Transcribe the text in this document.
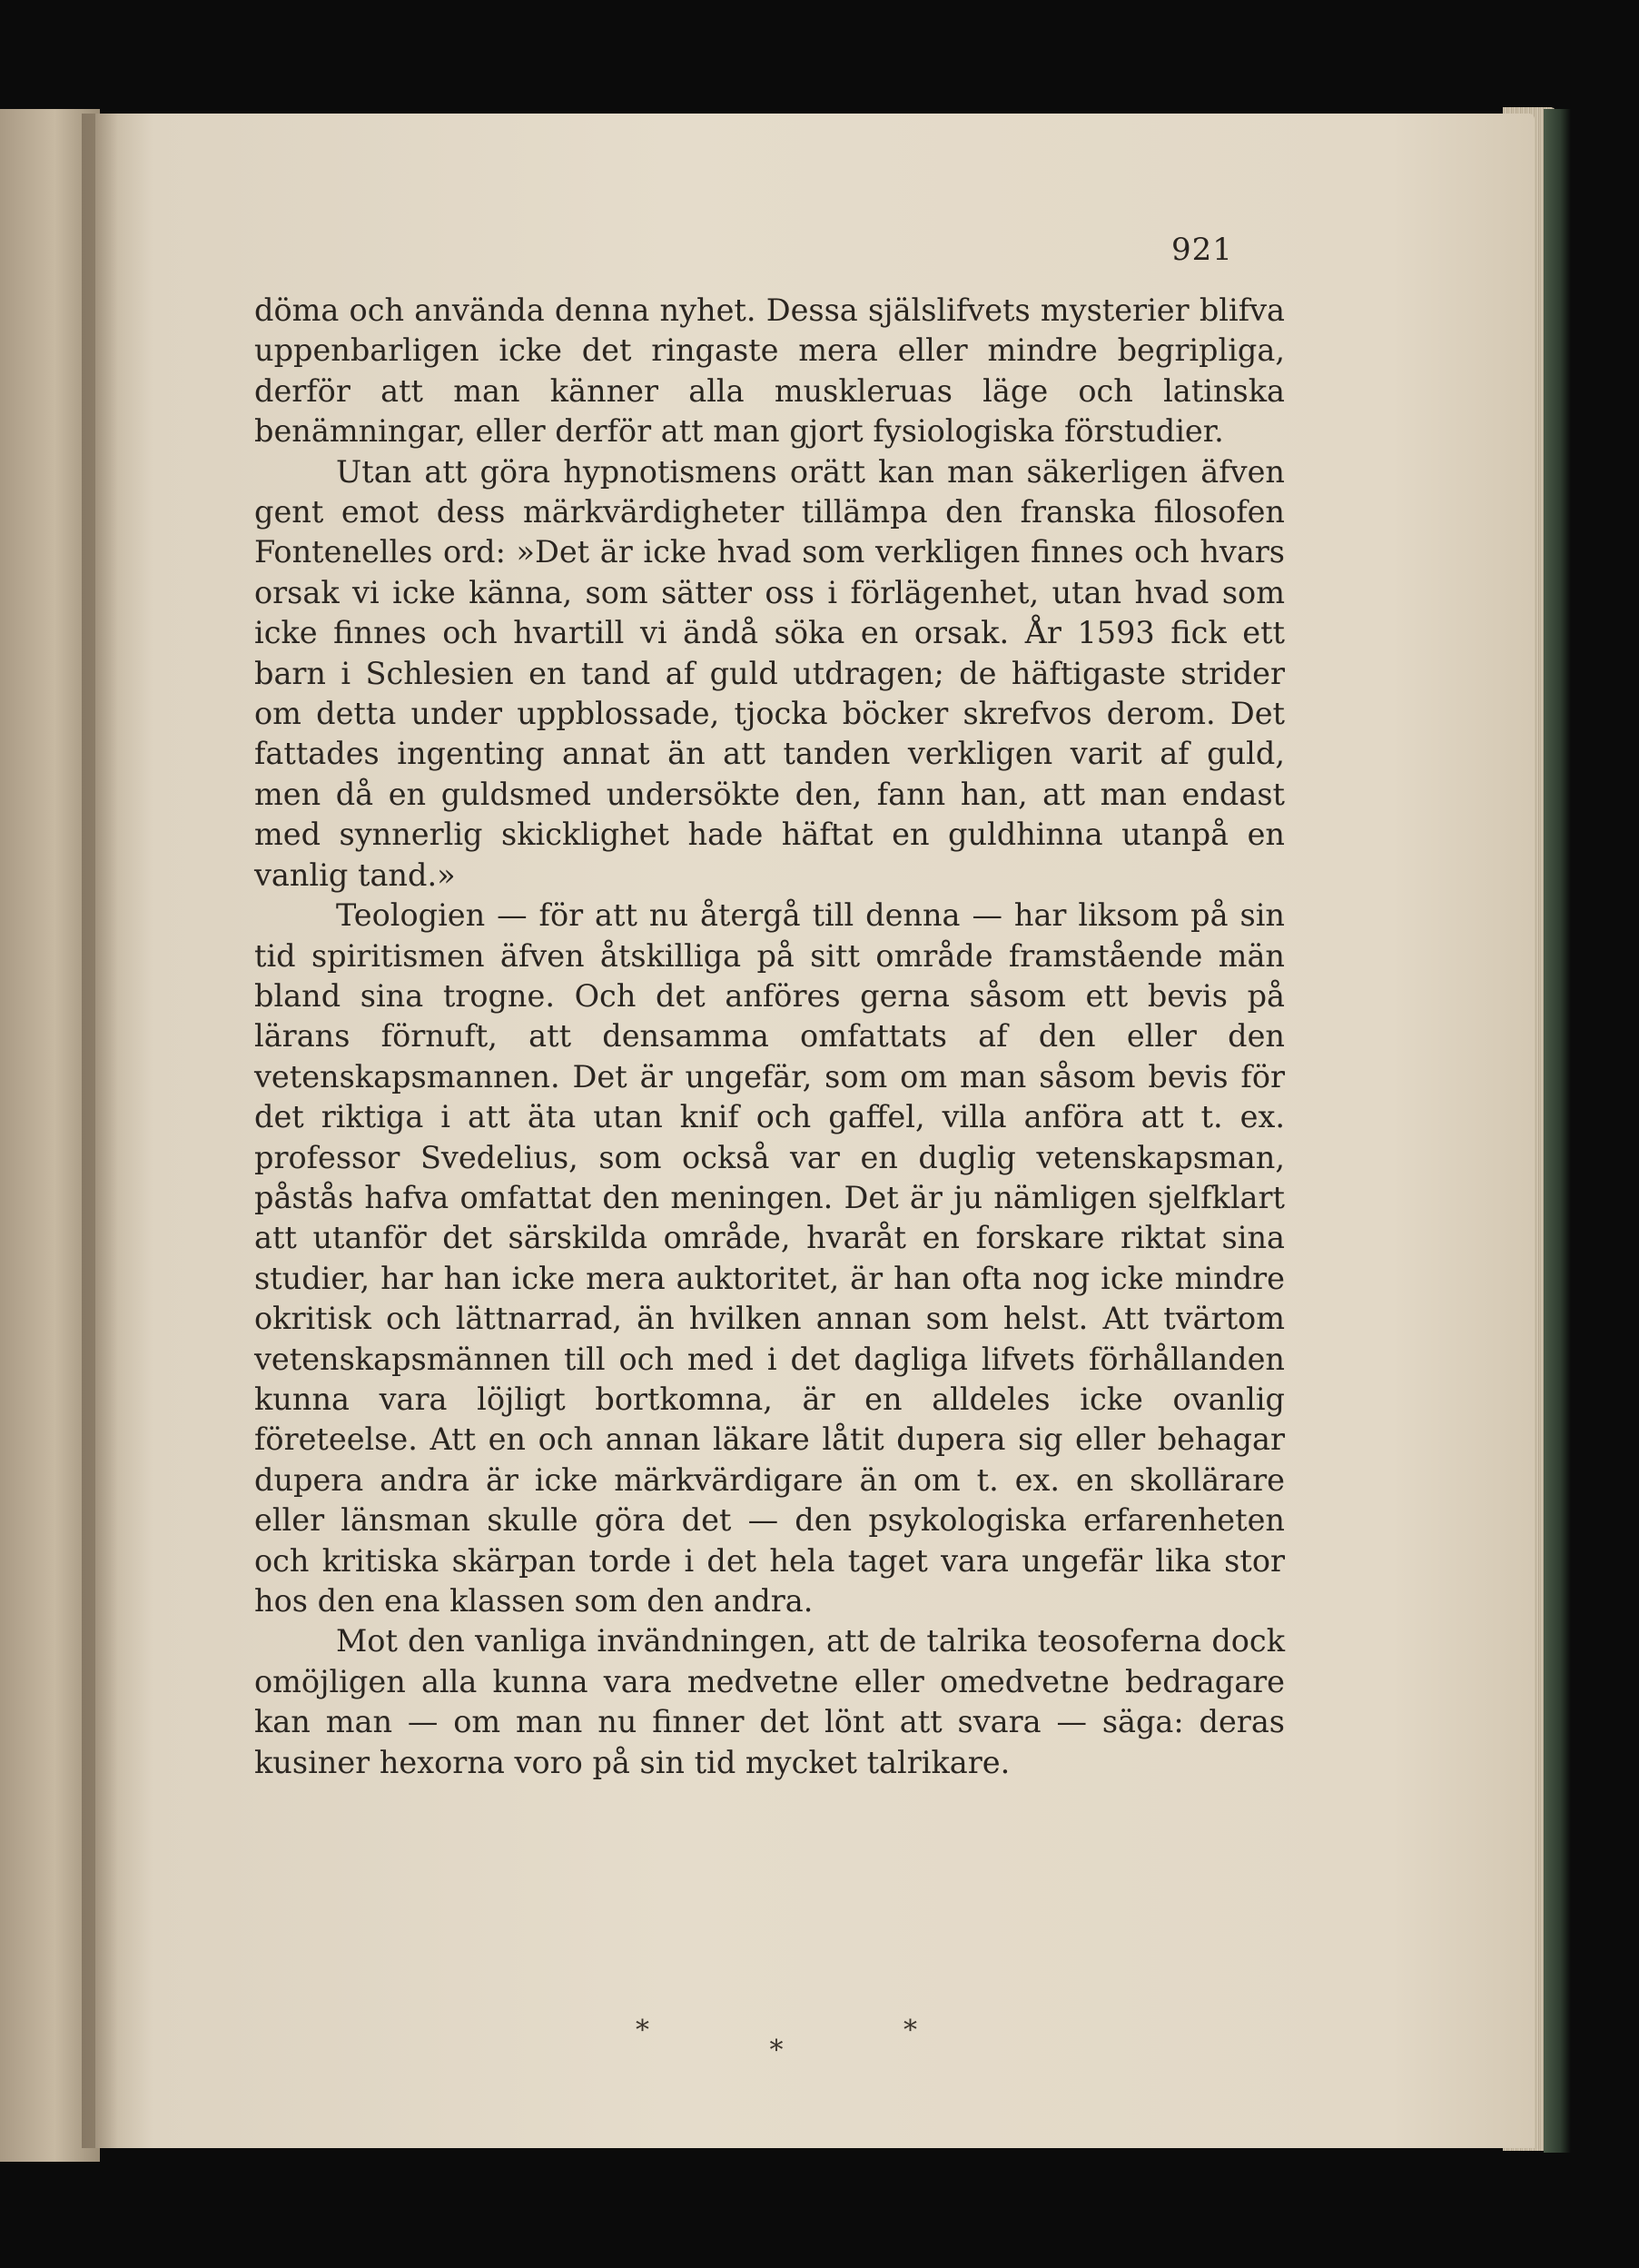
921

döma och använda denna nyhet. Dessa själslifvets mysterier blifva uppenbarligen icke det ringaste mera eller mindre begripliga, derför att man känner alla muskleruas läge och latinska benämningar, eller derför att man gjort fysiologiska förstudier.

Utan att göra hypnotismens orätt kan man säkerligen äfven gent emot dess märkvärdigheter tillämpa den franska filosofen Fontenelles ord: »Det är icke hvad som verkligen finnes och hvars orsak vi icke känna, som sätter oss i förlägenhet, utan hvad som icke finnes och hvartill vi ändå söka en orsak. År 1593 fick ett barn i Schlesien en tand af guld utdragen; de häftigaste strider om detta under uppblossade, tjocka böcker skrefvos derom. Det fattades ingenting annat än att tanden verkligen varit af guld, men då en guldsmed undersökte den, fann han, att man endast med synnerlig skicklighet hade häftat en guldhinna utanpå en vanlig tand.»

Teologien — för att nu återgå till denna — har liksom på sin tid spiritismen äfven åtskilliga på sitt område framstående män bland sina trogne. Och det anföres gerna såsom ett bevis på lärans förnuft, att densamma omfattats af den eller den vetenskapsmannen. Det är ungefär, som om man såsom bevis för det riktiga i att äta utan knif och gaffel, villa anföra att t. ex. professor Svedelius, som också var en duglig vetenskapsman, påstås hafva omfattat den meningen. Det är ju nämligen sjelfklart att utanför det särskilda område, hvaråt en forskare riktat sina studier, har han icke mera auktoritet, är han ofta nog icke mindre okritisk och lättnarrad, än hvilken annan som helst. Att tvärtom vetenskapsmännen till och med i det dagliga lifvets förhållanden kunna vara löjligt bortkomna, är en alldeles icke ovanlig företeelse. Att en och annan läkare låtit dupera sig eller behagar dupera andra är icke märkvärdigare än om t. ex. en skollärare eller länsman skulle göra det — den psykologiska erfarenheten och kritiska skärpan torde i det hela taget vara ungefär lika stor hos den ena klassen som den andra.

Mot den vanliga invändningen, att de talrika teosoferna dock omöjligen alla kunna vara medvetne eller omedvetne bedragare kan man — om man nu finner det lönt att svara — säga: deras kusiner hexorna voro på sin tid mycket talrikare.

*
*
*
